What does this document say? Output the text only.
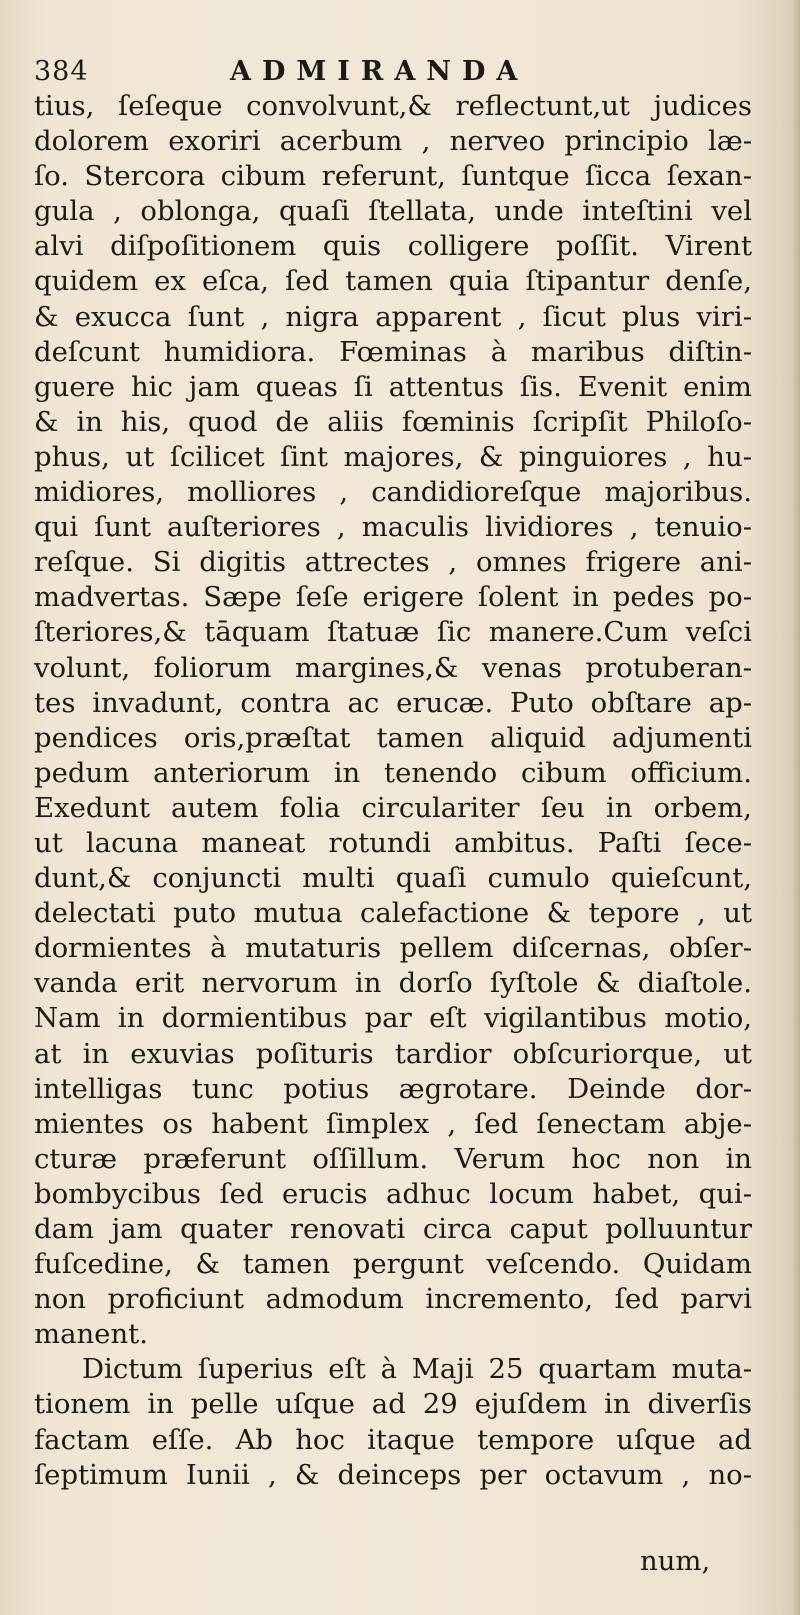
384	ADMIRANDA
tius, ſeſeque convolvunt,& reflectunt,ut judices
dolorem exoriri acerbum , nerveo principio læ-
ſo. Stercora cibum referunt, ſuntque ſicca ſexan-
gula , oblonga, quaſi ſtellata, unde inteſtini vel
alvi diſpoſitionem quis colligere poſſit. Virent
quidem ex eſca, ſed tamen quia ſtipantur denſe,
& exucca ſunt , nigra apparent , ſicut plus viri-
deſcunt humidiora. Fœminas à maribus diſtin-
guere hic jam queas ſi attentus ſis. Evenit enim
& in his, quod de aliis fœminis ſcripſit Philoſo-
phus, ut ſcilicet ſint majores, & pinguiores , hu-
midiores, molliores , candidioreſque majoribus.
qui ſunt auſteriores , maculis lividiores , tenuio-
reſque. Si digitis attrectes , omnes frigere ani-
madvertas. Sæpe ſeſe erigere ſolent in pedes po-
ſteriores,& tāquam ſtatuæ ſic manere.Cum veſci
volunt, foliorum margines,& venas protuberan-
tes invadunt, contra ac erucæ. Puto obſtare ap-
pendices oris,præſtat tamen aliquid adjumenti
pedum anteriorum in tenendo cibum officium.
Exedunt autem folia circulariter ſeu in orbem,
ut lacuna maneat rotundi ambitus. Paſti ſece-
dunt,& conjuncti multi quaſi cumulo quieſcunt,
delectati puto mutua calefactione & tepore , ut
dormientes à mutaturis pellem diſcernas, obſer-
vanda erit nervorum in dorſo ſyſtole & diaſtole.
Nam in dormientibus par eſt vigilantibus motio,
at in exuvias poſituris tardior obſcuriorque, ut
intelligas tunc potius ægrotare. Deinde dor-
mientes os habent ſimplex , ſed ſenectam abje-
cturæ præferunt oſſillum. Verum hoc non in
bombycibus ſed erucis adhuc locum habet, qui-
dam jam quater renovati circa caput polluuntur
fuſcedine, & tamen pergunt veſcendo. Quidam
non proficiunt admodum incremento, ſed parvi
manent.
Dictum ſuperius eſt à Maji 25 quartam muta-
tionem in pelle uſque ad 29 ejuſdem in diverſis
factam eſſe. Ab hoc itaque tempore uſque ad
ſeptimum Iunii , & deinceps per octavum , no-
num,
